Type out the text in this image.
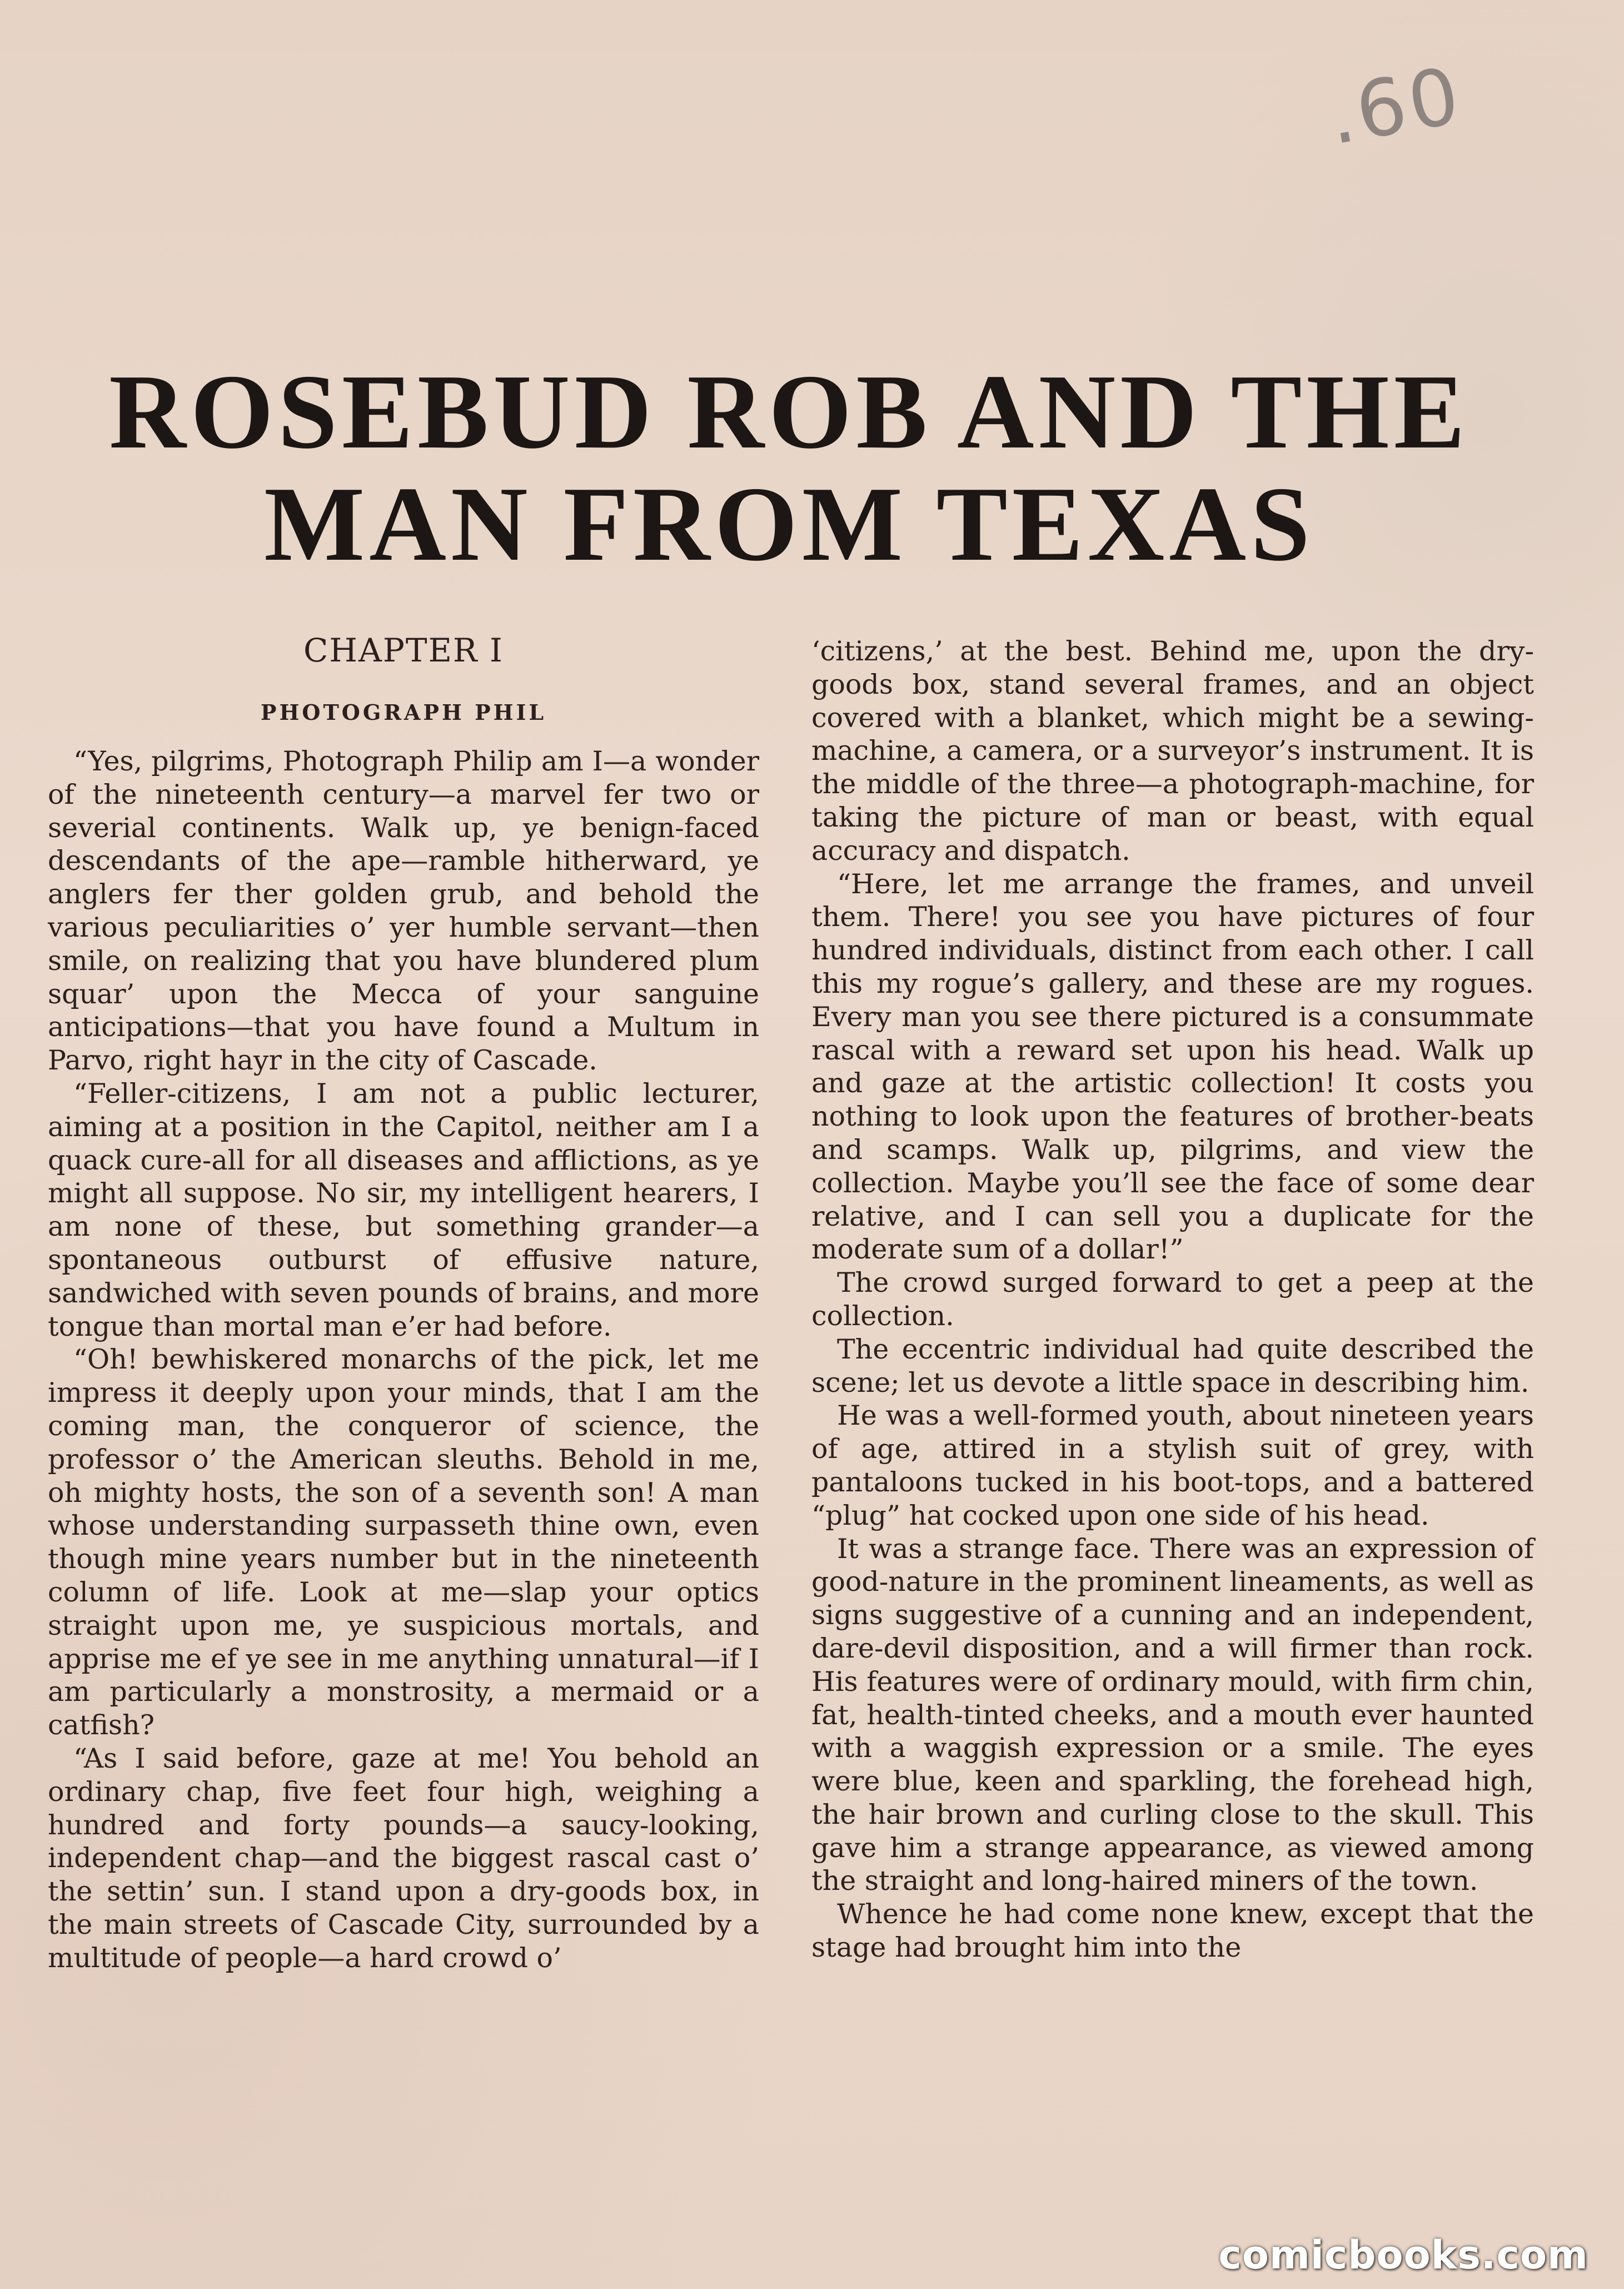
.60
ROSEBUD ROB AND THE
MAN FROM TEXAS

CHAPTER I

PHOTOGRAPH PHIL

“Yes, pilgrims, Photograph Philip am I—a wonder of the nineteenth century—a marvel fer two or severial continents. Walk up, ye benign-faced descendants of the ape—ramble hitherward, ye anglers fer ther golden grub, and behold the various peculiarities o’ yer humble servant—then smile, on realizing that you have blundered plum squar’ upon the Mecca of your sanguine anticipations—that you have found a Multum in Parvo, right hayr in the city of Cascade.

“Feller-citizens, I am not a public lecturer, aiming at a position in the Capitol, neither am I a quack cure-all for all diseases and afflictions, as ye might all suppose. No sir, my intelligent hearers, I am none of these, but something grander—a spontaneous outburst of effusive nature, sandwiched with seven pounds of brains, and more tongue than mortal man e’er had before.

“Oh! bewhiskered monarchs of the pick, let me impress it deeply upon your minds, that I am the coming man, the conqueror of science, the professor o’ the American sleuths. Behold in me, oh mighty hosts, the son of a seventh son! A man whose understanding surpasseth thine own, even though mine years number but in the nineteenth column of life. Look at me—slap your optics straight upon me, ye suspicious mortals, and apprise me ef ye see in me anything unnatural—if I am particularly a monstrosity, a mermaid or a catfish?

“As I said before, gaze at me! You behold an ordinary chap, five feet four high, weighing a hundred and forty pounds—a saucy-looking, independent chap—and the biggest rascal cast o’ the settin’ sun. I stand upon a dry-goods box, in the main streets of Cascade City, surrounded by a multitude of people—a hard crowd o’

‘citizens,’ at the best. Behind me, upon the dry-goods box, stand several frames, and an object covered with a blanket, which might be a sewing-machine, a camera, or a surveyor’s instrument. It is the middle of the three—a photograph-machine, for taking the picture of man or beast, with equal accuracy and dispatch.

“Here, let me arrange the frames, and unveil them. There! you see you have pictures of four hundred individuals, distinct from each other. I call this my rogue’s gallery, and these are my rogues. Every man you see there pictured is a consummate rascal with a reward set upon his head. Walk up and gaze at the artistic collection! It costs you nothing to look upon the features of brother-beats and scamps. Walk up, pilgrims, and view the collection. Maybe you’ll see the face of some dear relative, and I can sell you a duplicate for the moderate sum of a dollar!”

The crowd surged forward to get a peep at the collection.

The eccentric individual had quite described the scene; let us devote a little space in describing him.

He was a well-formed youth, about nineteen years of age, attired in a stylish suit of grey, with pantaloons tucked in his boot-tops, and a battered “plug” hat cocked upon one side of his head.

It was a strange face. There was an expression of good-nature in the prominent lineaments, as well as signs suggestive of a cunning and an independent, dare-devil disposition, and a will firmer than rock. His features were of ordinary mould, with firm chin, fat, health-tinted cheeks, and a mouth ever haunted with a waggish expression or a smile. The eyes were blue, keen and sparkling, the forehead high, the hair brown and curling close to the skull. This gave him a strange appearance, as viewed among the straight and long-haired miners of the town.

Whence he had come none knew, except that the stage had brought him into the

comicbooks.com
